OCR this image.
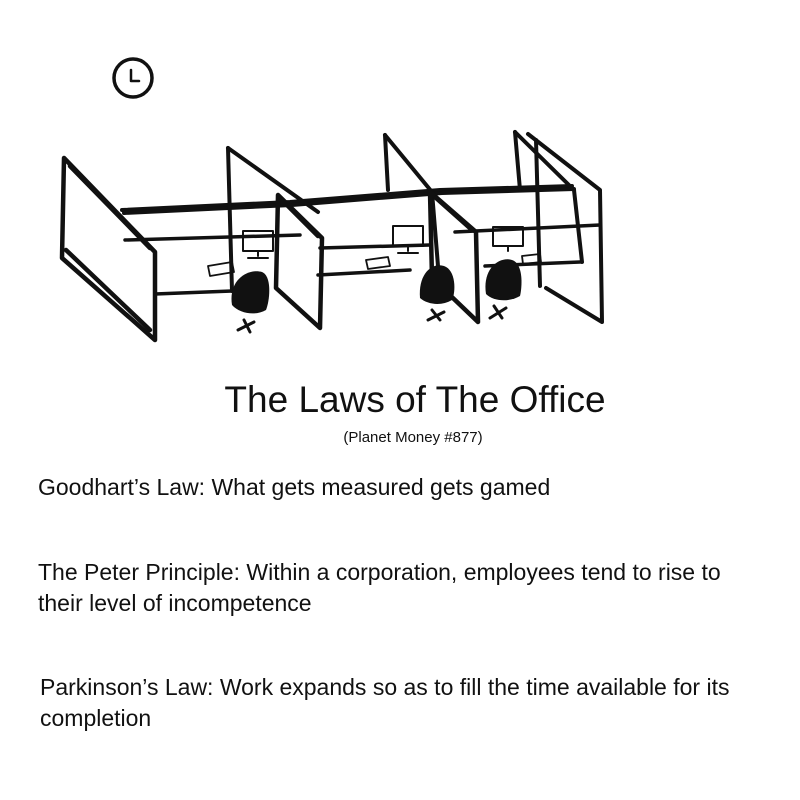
The Laws of The Office
(Planet Money #877)
Goodhart’s Law: What gets measured gets gamed
The Peter Principle: Within a corporation, employees tend to rise to their level of incompetence
Parkinson’s Law: Work expands so as to fill the time available for its completion
